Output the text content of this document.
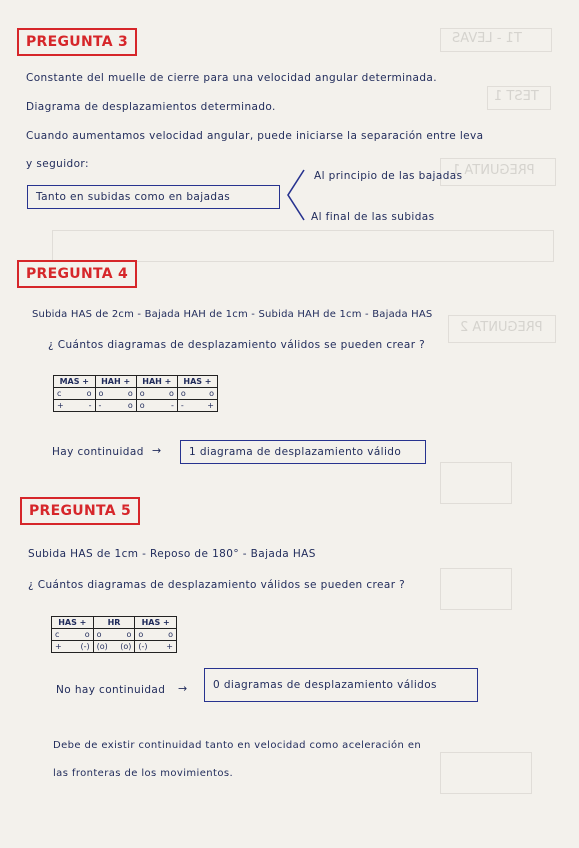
T1 - LEVAS
TEST 1
PREGUNTA 1
PREGUNTA 2
PREGUNTA 3
Constante del muelle de cierre para una velocidad angular determinada.
Diagrama de desplazamientos determinado.
Cuando aumentamos velocidad angular, puede iniciarse la separación entre leva
y seguidor:
Tanto en subidas como en bajadas
Al principio de las bajadas
Al final de las subidas
PREGUNTA 4
Subida HAS de 2cm - Bajada HAH de 1cm - Subida HAH de 1cm - Bajada HAS
¿ Cuántos diagramas de desplazamiento válidos se pueden crear ?
MAS +	HAH +	HAH +	HAS +

c o	o o	o o	o o

+ -	- o	o -	- +
Hay continuidad →	1 diagrama de desplazamiento válido
PREGUNTA 5
Subida HAS de 1cm - Reposo de 180° - Bajada HAS
¿ Cuántos diagramas de desplazamiento válidos se pueden crear ?
HAS +	HR	HAS +

c o	o o	o o

+ (-)	(o) (o)	(-) +
No hay continuidad →	0 diagramas de desplazamiento válidos
Debe de existir continuidad tanto en velocidad como aceleración en
las fronteras de los movimientos.
